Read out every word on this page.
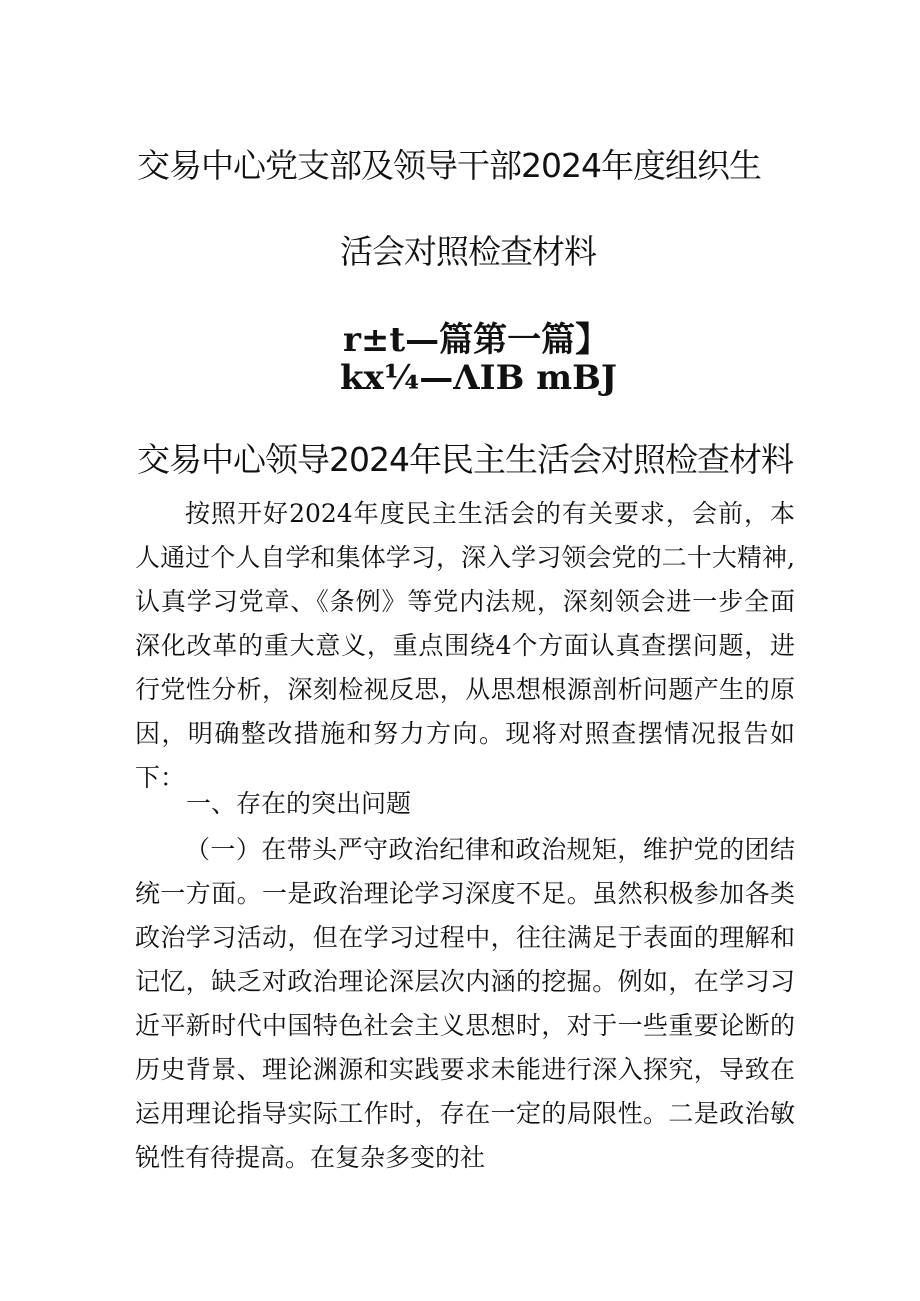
交易中心党支部及领导干部2024年度组织生

活会对照检查材料

r±t—篇第一篇】

kx¼—ΛIB mBJ

交易中心领导2024年民主生活会对照检查材料

按照开好2024年度民主生活会的有关要求，会前，本人通过个人自学和集体学习，深入学习领会党的二十大精神,认真学习党章、《条例》等党内法规，深刻领会进一步全面深化改革的重大意义，重点围绕4个方面认真查摆问题，进行党性分析，深刻检视反思，从思想根源剖析问题产生的原因，明确整改措施和努力方向。现将对照查摆情况报告如下：

一、存在的突出问题

（一）在带头严守政治纪律和政治规矩，维护党的团结统一方面。一是政治理论学习深度不足。虽然积极参加各类政治学习活动，但在学习过程中，往往满足于表面的理解和记忆，缺乏对政治理论深层次内涵的挖掘。例如，在学习习近平新时代中国特色社会主义思想时，对于一些重要论断的历史背景、理论渊源和实践要求未能进行深入探究，导致在运用理论指导实际工作时，存在一定的局限性。二是政治敏锐性有待提高。在复杂多变的社
